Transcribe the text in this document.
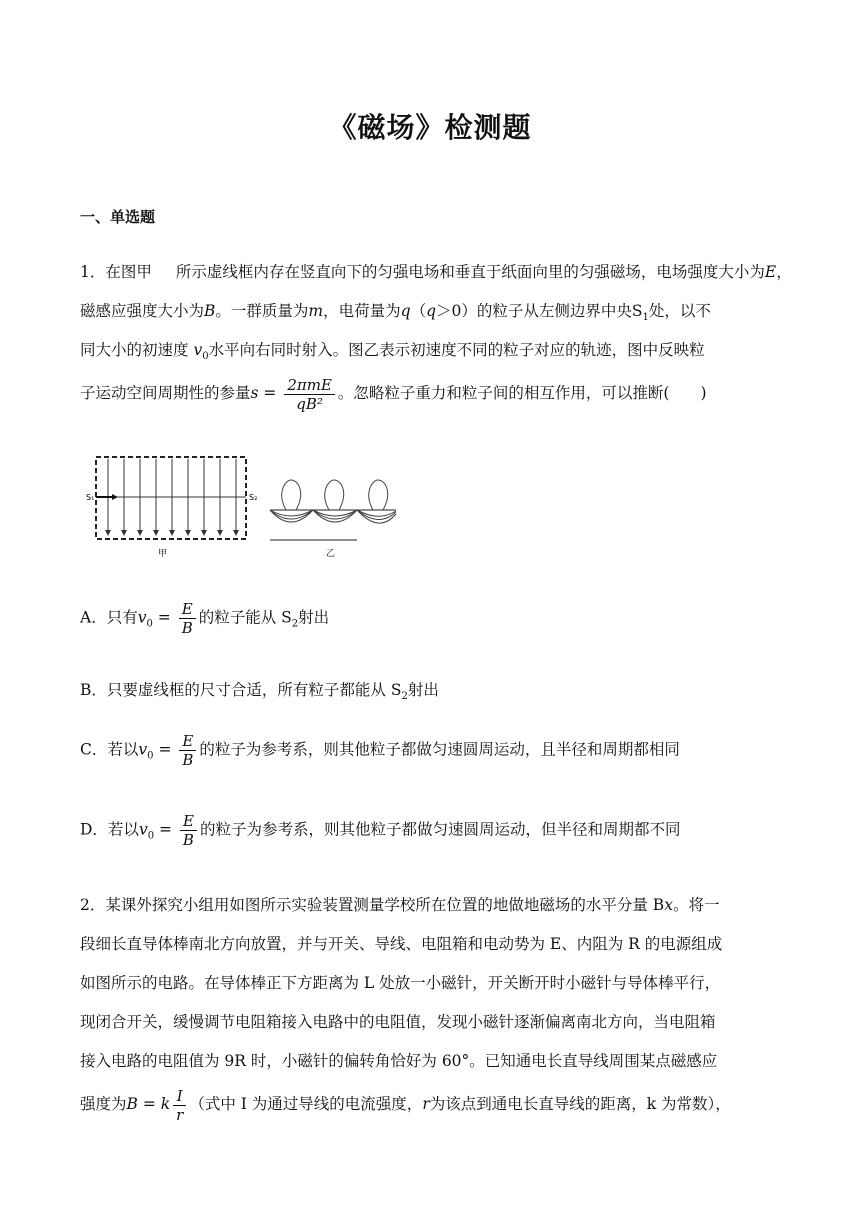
《磁场》检测题
一、单选题
1．在图甲 所示虚线框内存在竖直向下的匀强电场和垂直于纸面向里的匀强磁场，电场强度大小为E，
磁感应强度大小为B。一群质量为m，电荷量为q（q＞0）的粒子从左侧边界中央$S_1$处，以不
同大小的初速度 $v_0$水平向右同时射入。图乙表示初速度不同的粒子对应的轨迹，图中反映粒
子运动空间周期性的参量$s = \frac{\text{2πmE}}{\text{qB²}}$ 。忽略粒子重力和粒子间的相互作用，可以推断(　　)
S₁	S₂
甲	乙
A．只有$v_0 = \frac{E}{B}$ 的粒子能从 $S_2$射出
B．只要虚线框的尺寸合适，所有粒子都能从 $S_2$射出
C．若以$v_0 = \frac{E}{B}$ 的粒子为参考系，则其他粒子都做匀速圆周运动，且半径和周期都相同
D．若以$v_0 = \frac{E}{B}$ 的粒子为参考系，则其他粒子都做匀速圆周运动，但半径和周期都不同
2．某课外探究小组用如图所示实验装置测量学校所在位置的地做地磁场的水平分量 Bx。将一
段细长直导体棒南北方向放置，并与开关、导线、电阻箱和电动势为 E、内阻为 R 的电源组成
如图所示的电路。在导体棒正下方距离为 L 处放一小磁针，开关断开时小磁针与导体棒平行，
现闭合开关，缓慢调节电阻箱接入电路中的电阻值，发现小磁针逐渐偏离南北方向，当电阻箱
接入电路的电阻值为 9R 时，小磁针的偏转角恰好为 60°。已知通电长直导线周围某点磁感应
强度为B = k $\frac{I}{r}$ （式中 I 为通过导线的电流强度，r为该点到通电长直导线的距离，k 为常数），
